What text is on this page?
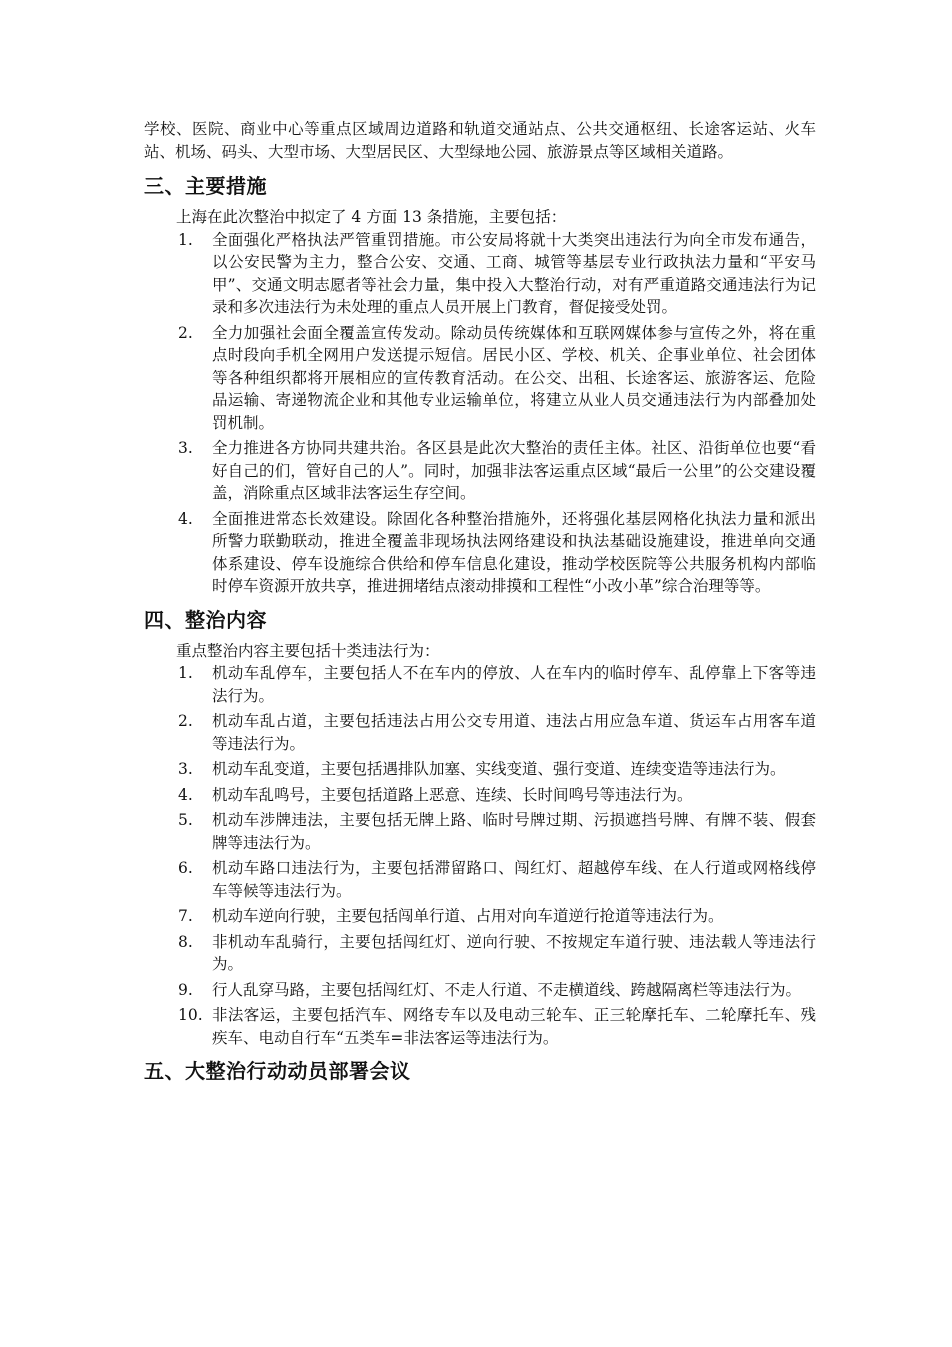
学校、医院、商业中心等重点区域周边道路和轨道交通站点、公共交通枢纽、长途客运站、火车站、机场、码头、大型市场、大型居民区、大型绿地公园、旅游景点等区域相关道路。

三、主要措施

上海在此次整治中拟定了 4 方面 13 条措施，主要包括：

1. 全面强化严格执法严管重罚措施。市公安局将就十大类突出违法行为向全市发布通告，以公安民警为主力，整合公安、交通、工商、城管等基层专业行政执法力量和“平安马甲”、交通文明志愿者等社会力量，集中投入大整治行动，对有严重道路交通违法行为记录和多次违法行为未处理的重点人员开展上门教育，督促接受处罚。
2. 全力加强社会面全覆盖宣传发动。除动员传统媒体和互联网媒体参与宣传之外，将在重点时段向手机全网用户发送提示短信。居民小区、学校、机关、企事业单位、社会团体等各种组织都将开展相应的宣传教育活动。在公交、出租、长途客运、旅游客运、危险品运输、寄递物流企业和其他专业运输单位，将建立从业人员交通违法行为内部叠加处罚机制。
3. 全力推进各方协同共建共治。各区县是此次大整治的责任主体。社区、沿街单位也要“看好自己的们，管好自己的人”。同时，加强非法客运重点区域“最后一公里”的公交建设覆盖，消除重点区域非法客运生存空间。
4. 全面推进常态长效建设。除固化各种整治措施外，还将强化基层网格化执法力量和派出所警力联勤联动，推进全覆盖非现场执法网络建设和执法基础设施建设，推进单向交通体系建设、停车设施综合供给和停车信息化建设，推动学校医院等公共服务机构内部临时停车资源开放共享，推进拥堵结点滚动排摸和工程性“小改小革”综合治理等等。
四、整治内容

重点整治内容主要包括十类违法行为：

1. 机动车乱停车，主要包括人不在车内的停放、人在车内的临时停车、乱停靠上下客等违法行为。
2. 机动车乱占道，主要包括违法占用公交专用道、违法占用应急车道、货运车占用客车道等违法行为。
3. 机动车乱变道，主要包括遇排队加塞、实线变道、强行变道、连续变造等违法行为。
4. 机动车乱鸣号，主要包括道路上恶意、连续、长时间鸣号等违法行为。
5. 机动车涉牌违法，主要包括无牌上路、临时号牌过期、污损遮挡号牌、有牌不装、假套牌等违法行为。
6. 机动车路口违法行为，主要包括滞留路口、闯红灯、超越停车线、在人行道或网格线停车等候等违法行为。
7. 机动车逆向行驶，主要包括闯单行道、占用对向车道逆行抢道等违法行为。
8. 非机动车乱骑行，主要包括闯红灯、逆向行驶、不按规定车道行驶、违法载人等违法行为。
9. 行人乱穿马路，主要包括闯红灯、不走人行道、不走横道线、跨越隔离栏等违法行为。
10. 非法客运，主要包括汽车、网络专车以及电动三轮车、正三轮摩托车、二轮摩托车、残疾车、电动自行车“五类车=非法客运等违法行为。
五、大整治行动动员部署会议
